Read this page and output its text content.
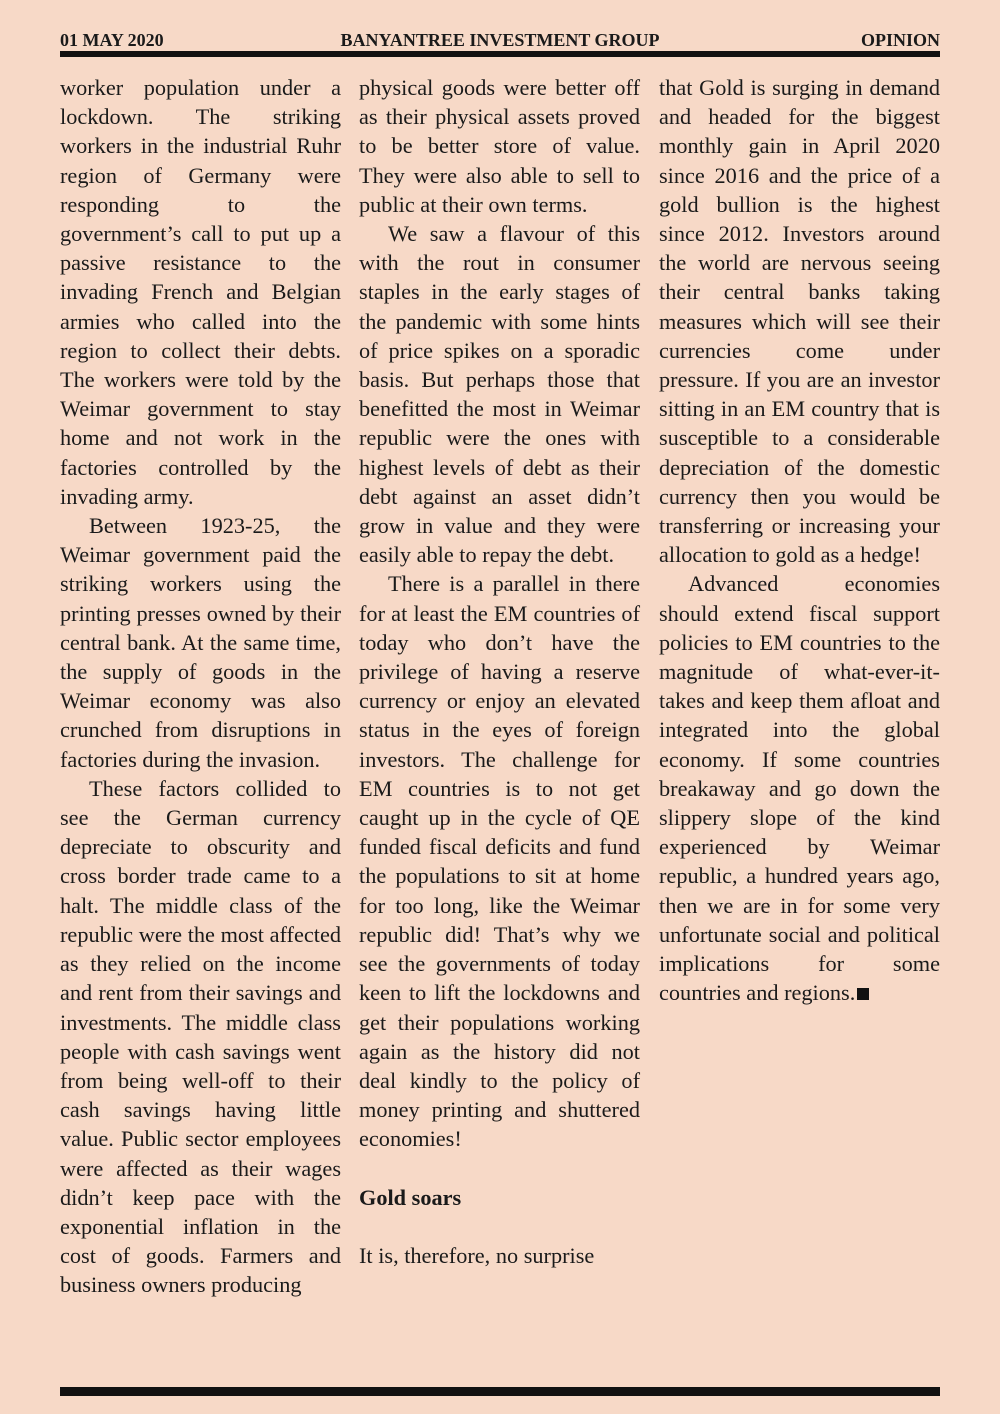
01 MAY 2020	BANYANTREE INVESTMENT GROUP	OPINION

worker population under a lockdown. The striking workers in the industrial Ruhr region of Germany were responding to the government’s call to put up a passive resistance to the invading French and Belgian armies who called into the region to collect their debts. The workers were told by the Weimar government to stay home and not work in the factories controlled by the invading army.

Between 1923-25, the Weimar government paid the striking workers using the printing presses owned by their central bank. At the same time, the supply of goods in the Weimar economy was also crunched from disruptions in factories during the invasion.

These factors collided to see the German currency depreciate to obscurity and cross border trade came to a halt. The middle class of the republic were the most affected as they relied on the income and rent from their savings and investments. The middle class people with cash savings went from being well-off to their cash savings having little value. Public sector employees were affected as their wages didn’t keep pace with the exponential inflation in the cost of goods. Farmers and business owners producing

physical goods were better off as their physical assets proved to be better store of value. They were also able to sell to public at their own terms.

We saw a flavour of this with the rout in consumer staples in the early stages of the pandemic with some hints of price spikes on a sporadic basis. But perhaps those that benefitted the most in Weimar republic were the ones with highest levels of debt as their debt against an asset didn’t grow in value and they were easily able to repay the debt.

There is a parallel in there for at least the EM countries of today who don’t have the privilege of having a reserve currency or enjoy an elevated status in the eyes of foreign investors. The challenge for EM countries is to not get caught up in the cycle of QE funded fiscal deficits and fund the populations to sit at home for too long, like the Weimar republic did! That’s why we see the governments of today keen to lift the lockdowns and get their populations working again as the history did not deal kindly to the policy of money printing and shuttered economies!

Gold soars

It is, therefore, no surprise

that Gold is surging in demand and headed for the biggest monthly gain in April 2020 since 2016 and the price of a gold bullion is the highest since 2012. Investors around the world are nervous seeing their central banks taking measures which will see their currencies come under pressure. If you are an investor sitting in an EM country that is susceptible to a considerable depreciation of the domestic currency then you would be transferring or increasing your allocation to gold as a hedge!

Advanced economies should extend fiscal support policies to EM countries to the magnitude of what-ever-it-takes and keep them afloat and integrated into the global economy. If some countries breakaway and go down the slippery slope of the kind experienced by Weimar republic, a hundred years ago, then we are in for some very unfortunate social and political implications for some countries and regions.
